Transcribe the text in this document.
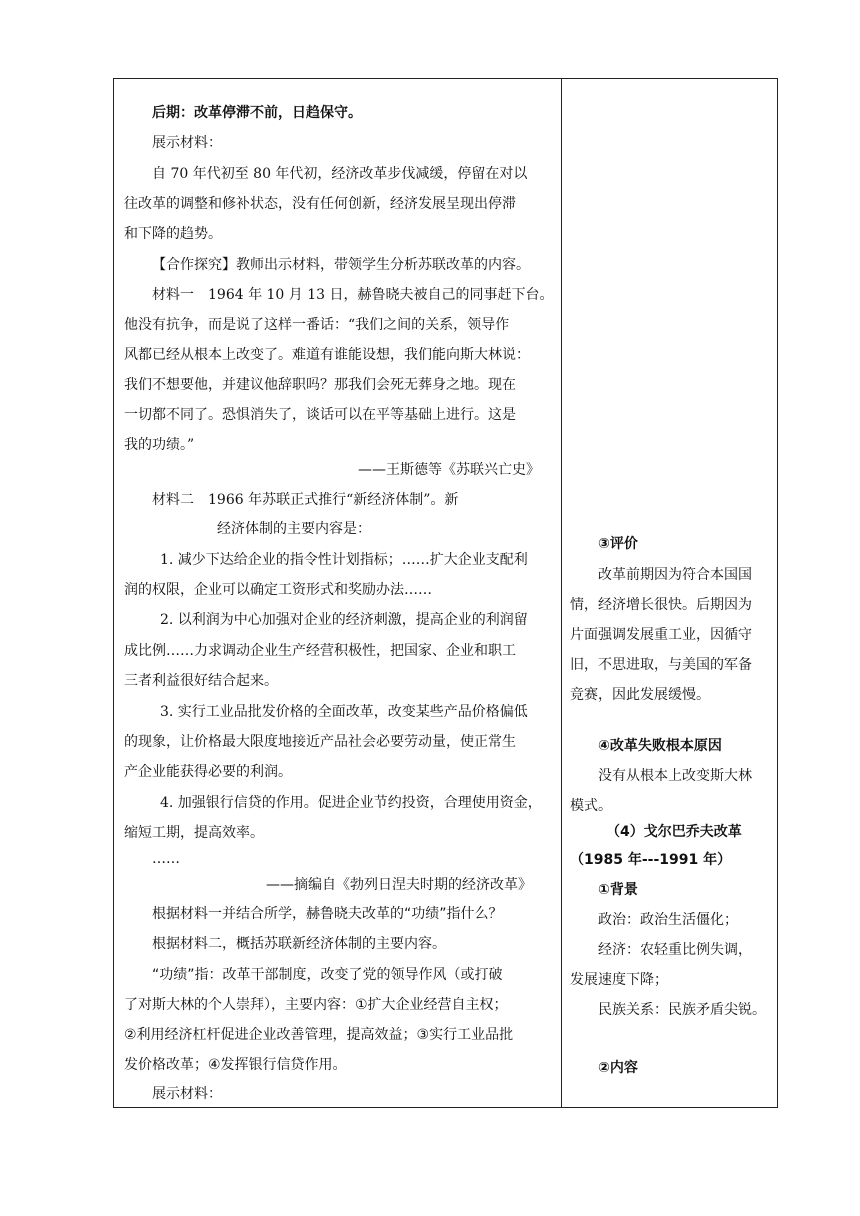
后期：改革停滞不前，日趋保守。
展示材料：
自 70 年代初至 80 年代初，经济改革步伐减缓，停留在对以
往改革的调整和修补状态，没有任何创新，经济发展呈现出停滞
和下降的趋势。
【合作探究】教师出示材料，带领学生分析苏联改革的内容。
材料一　1964 年 10 月 13 日，赫鲁晓夫被自己的同事赶下台。
他没有抗争，而是说了这样一番话：“我们之间的关系，领导作
风都已经从根本上改变了。难道有谁能设想，我们能向斯大林说：
我们不想要他，并建议他辞职吗？那我们会死无葬身之地。现在
一切都不同了。恐惧消失了，谈话可以在平等基础上进行。这是
我的功绩。”
——王斯德等《苏联兴亡史》
材料二　1966 年苏联正式推行“新经济体制”。新
经济体制的主要内容是：
1. 减少下达给企业的指令性计划指标；……扩大企业支配利
润的权限，企业可以确定工资形式和奖励办法……
2. 以利润为中心加强对企业的经济刺激，提高企业的利润留
成比例……力求调动企业生产经营积极性，把国家、企业和职工
三者利益很好结合起来。
3. 实行工业品批发价格的全面改革，改变某些产品价格偏低
的现象，让价格最大限度地接近产品社会必要劳动量，使正常生
产企业能获得必要的利润。
4. 加强银行信贷的作用。促进企业节约投资，合理使用资金，
缩短工期，提高效率。
……
——摘编自《勃列日涅夫时期的经济改革》
根据材料一并结合所学，赫鲁晓夫改革的“功绩”指什么？
根据材料二，概括苏联新经济体制的主要内容。
“功绩”指：改革干部制度，改变了党的领导作风（或打破
了对斯大林的个人崇拜），主要内容：①扩大企业经营自主权；
②利用经济杠杆促进企业改善管理，提高效益；③实行工业品批
发价格改革；④发挥银行信贷作用。
展示材料：
③评价
改革前期因为符合本国国
情，经济增长很快。后期因为
片面强调发展重工业，因循守
旧，不思进取，与美国的军备
竞赛，因此发展缓慢。
④改革失败根本原因
没有从根本上改变斯大林
模式。
（4）戈尔巴乔夫改革
（1985 年---1991 年）
①背景
政治：政治生活僵化；
经济：农轻重比例失调，
发展速度下降；
民族关系：民族矛盾尖锐。
②内容
